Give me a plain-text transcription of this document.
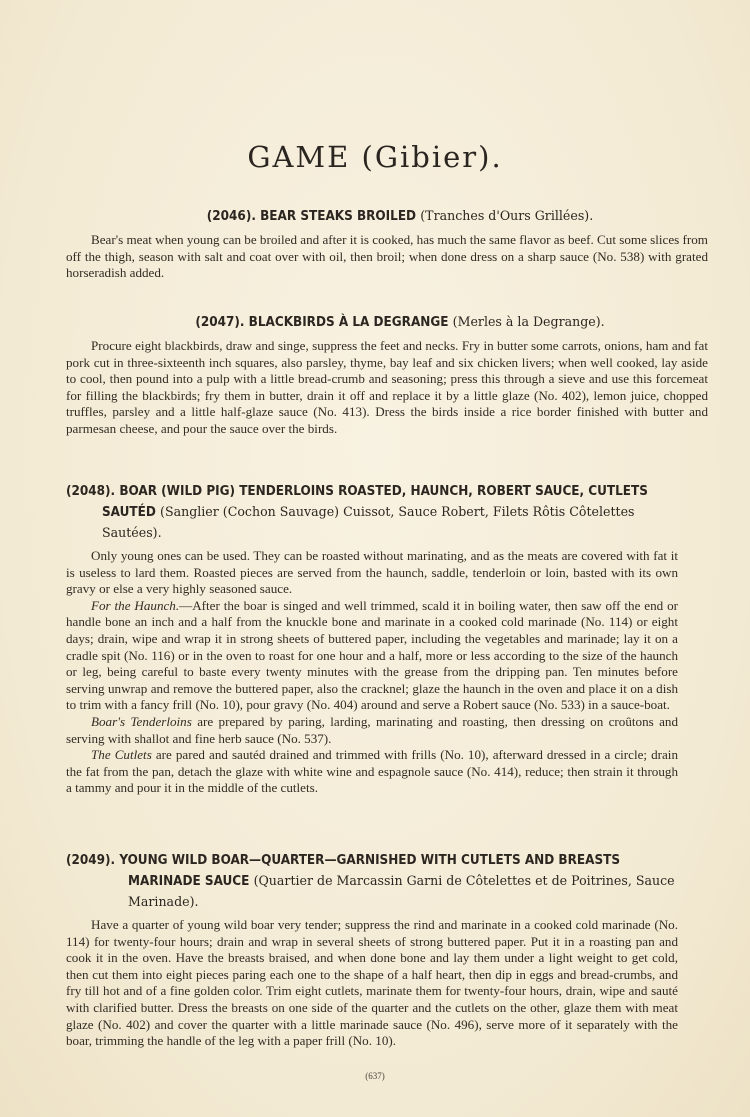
GAME (Gibier).
(2046). BEAR STEAKS BROILED (Tranches d'Ours Grillées).

Bear's meat when young can be broiled and after it is cooked, has much the same flavor as beef. Cut some slices from off the thigh, season with salt and coat over with oil, then broil; when done dress on a sharp sauce (No. 538) with grated horseradish added.

(2047). BLACKBIRDS À LA DEGRANGE (Merles à la Degrange).

Procure eight blackbirds, draw and singe, suppress the feet and necks. Fry in butter some carrots, onions, ham and fat pork cut in three-sixteenth inch squares, also parsley, thyme, bay leaf and six chicken livers; when well cooked, lay aside to cool, then pound into a pulp with a little bread-crumb and seasoning; press this through a sieve and use this forcemeat for filling the blackbirds; fry them in butter, drain it off and replace it by a little glaze (No. 402), lemon juice, chopped truffles, parsley and a little half-glaze sauce (No. 413). Dress the birds inside a rice border finished with butter and parmesan cheese, and pour the sauce over the birds.

(2048). BOAR (WILD PIG) TENDERLOINS ROASTED, HAUNCH, ROBERT SAUCE, CUTLETS
SAUTÉD (Sanglier (Cochon Sauvage) Cuissot, Sauce Robert, Filets Rôtis Côtelettes Sautées).

Only young ones can be used. They can be roasted without marinating, and as the meats are covered with fat it is useless to lard them. Roasted pieces are served from the haunch, saddle, tenderloin or loin, basted with its own gravy or else a very highly seasoned sauce.

For the Haunch.—After the boar is singed and well trimmed, scald it in boiling water, then saw off the end or handle bone an inch and a half from the knuckle bone and marinate in a cooked cold marinade (No. 114) or eight days; drain, wipe and wrap it in strong sheets of buttered paper, including the vegetables and marinade; lay it on a cradle spit (No. 116) or in the oven to roast for one hour and a half, more or less according to the size of the haunch or leg, being careful to baste every twenty minutes with the grease from the dripping pan. Ten minutes before serving unwrap and remove the buttered paper, also the cracknel; glaze the haunch in the oven and place it on a dish to trim with a fancy frill (No. 10), pour gravy (No. 404) around and serve a Robert sauce (No. 533) in a sauce-boat.

Boar's Tenderloins are prepared by paring, larding, marinating and roasting, then dressing on croûtons and serving with shallot and fine herb sauce (No. 537).

The Cutlets are pared and sautéd drained and trimmed with frills (No. 10), afterward dressed in a circle; drain the fat from the pan, detach the glaze with white wine and espagnole sauce (No. 414), reduce; then strain it through a tammy and pour it in the middle of the cutlets.

(2049). YOUNG WILD BOAR—QUARTER—GARNISHED WITH CUTLETS AND BREASTS
MARINADE SAUCE (Quartier de Marcassin Garni de Côtelettes et de Poitrines, Sauce Marinade).

Have a quarter of young wild boar very tender; suppress the rind and marinate in a cooked cold marinade (No. 114) for twenty-four hours; drain and wrap in several sheets of strong buttered paper. Put it in a roasting pan and cook it in the oven. Have the breasts braised, and when done bone and lay them under a light weight to get cold, then cut them into eight pieces paring each one to the shape of a half heart, then dip in eggs and bread-crumbs, and fry till hot and of a fine golden color. Trim eight cutlets, marinate them for twenty-four hours, drain, wipe and sauté with clarified butter. Dress the breasts on one side of the quarter and the cutlets on the other, glaze them with meat glaze (No. 402) and cover the quarter with a little marinade sauce (No. 496), serve more of it separately with the boar, trimming the handle of the leg with a paper frill (No. 10).

(637)
